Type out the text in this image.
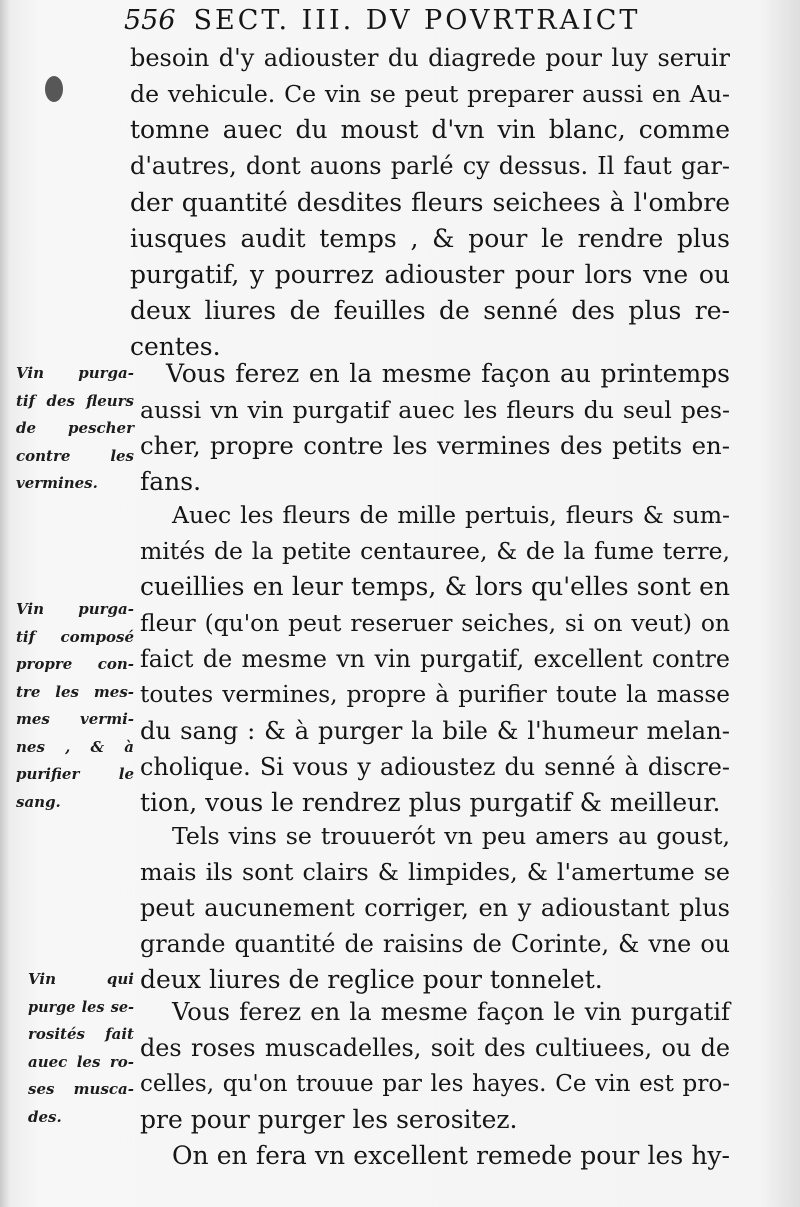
556 SECT. III. DV POVRTRAICT
besoin d'y adiouster du diagrede pour luy seruir
de vehicule. Ce vin se peut preparer aussi en Au-
tomne auec du moust d'vn vin blanc, comme
d'autres, dont auons parlé cy dessus. Il faut gar-
der quantité desdites fleurs seichees à l'ombre
iusques audit temps , & pour le rendre plus
purgatif, y pourrez adiouster pour lors vne ou
deux liures de feuilles de senné des plus re-
centes.
Vous ferez en la mesme façon au printemps
aussi vn vin purgatif auec les fleurs du seul pes-
cher, propre contre les vermines des petits en-
fans.
Auec les fleurs de mille pertuis, fleurs & sum-
mités de la petite centauree, & de la fume terre,
cueillies en leur temps, & lors qu'elles sont en
fleur (qu'on peut reseruer seiches, si on veut) on
faict de mesme vn vin purgatif, excellent contre
toutes vermines, propre à purifier toute la masse
du sang : & à purger la bile & l'humeur melan-
cholique. Si vous y adioustez du senné à discre-
tion, vous le rendrez plus purgatif & meilleur.
Tels vins se trouuerót vn peu amers au goust,
mais ils sont clairs & limpides, & l'amertume se
peut aucunement corriger, en y adioustant plus
grande quantité de raisins de Corinte, & vne ou
deux liures de reglice pour tonnelet.
Vous ferez en la mesme façon le vin purgatif
des roses muscadelles, soit des cultiuees, ou de
celles, qu'on trouue par les hayes. Ce vin est pro-
pre pour purger les serositez.
On en fera vn excellent remede pour les hy-
Vin purga-
tif des fleurs
de pescher
contre les
vermines.
Vin purga-
tif composé
propre con-
tre les mes-
mes vermi-
nes , & à
purifier le
sang.
Vin qui
purge les se-
rosités fait
auec les ro-
ses musca-
des.
